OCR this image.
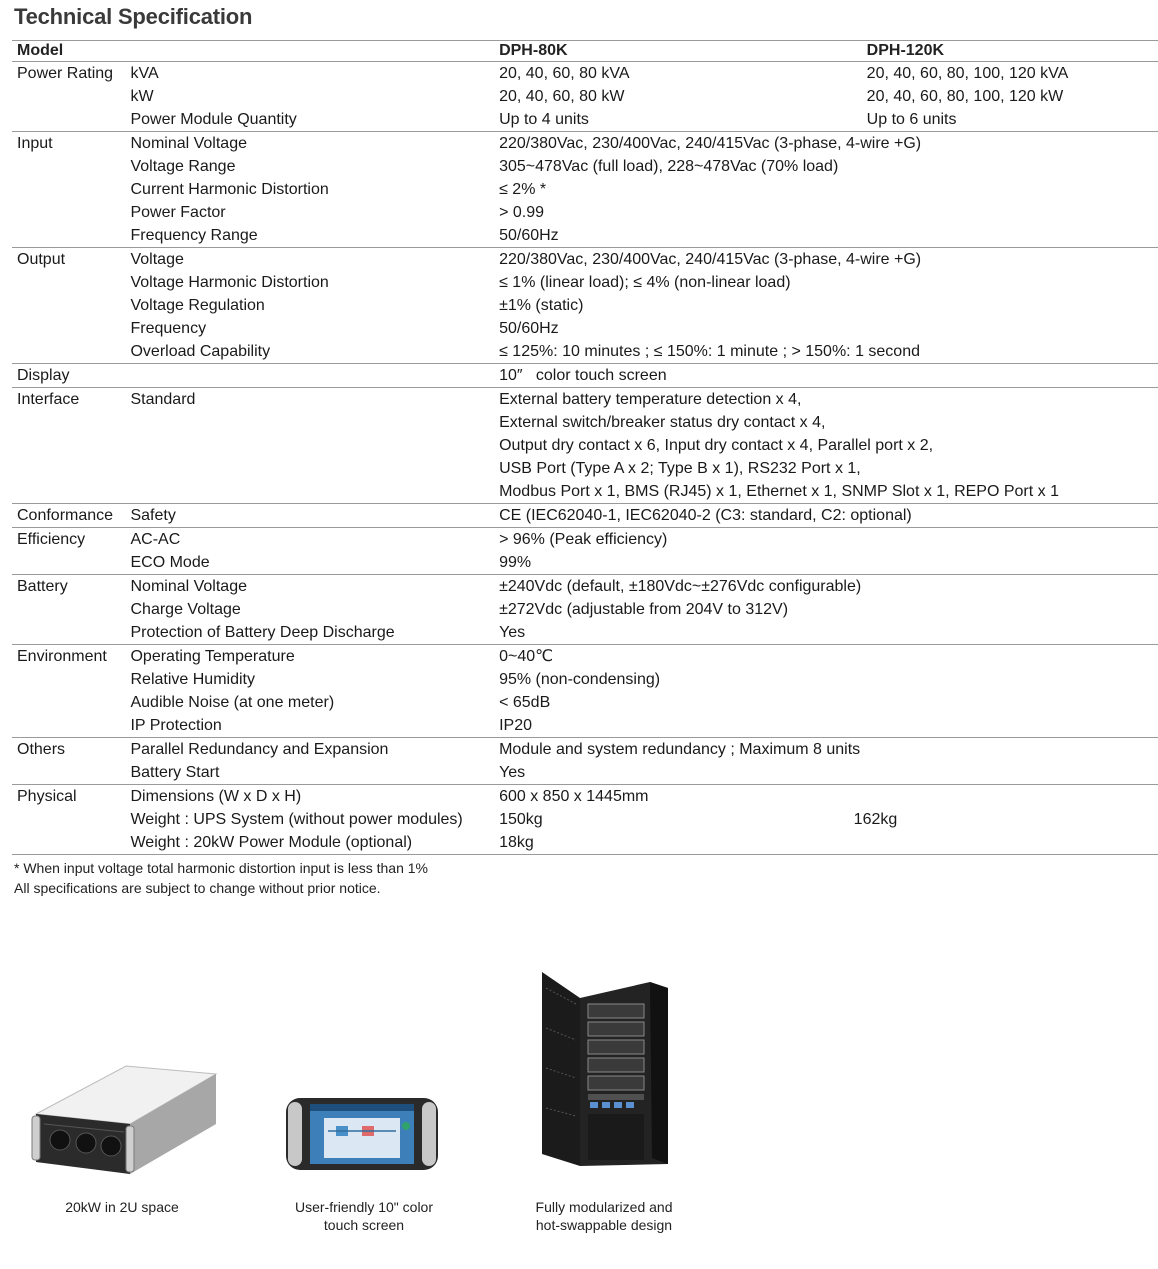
Technical Specification
Model		DPH-80K	DPH-120K
Power Rating	kVA	20, 40, 60, 80 kVA	20, 40, 60, 80, 100, 120 kVA
	kW	20, 40, 60, 80 kW	20, 40, 60, 80, 100, 120 kW
	Power Module Quantity	Up to 4 units	Up to 6 units
Input	Nominal Voltage	220/380Vac, 230/400Vac, 240/415Vac (3-phase, 4-wire +G)
	Voltage Range	305~478Vac (full load), 228~478Vac (70% load)
	Current Harmonic Distortion	≤ 2% *
	Power Factor	> 0.99
	Frequency Range	50/60Hz
Output	Voltage	220/380Vac, 230/400Vac, 240/415Vac (3-phase, 4-wire +G)
	Voltage Harmonic Distortion	≤ 1% (linear load); ≤ 4% (non-linear load)
	Voltage Regulation	±1% (static)
	Frequency	50/60Hz
	Overload Capability	≤ 125%: 10 minutes ; ≤ 150%: 1 minute ; > 150%: 1 second
Display		10″   color touch screen
Interface	Standard	External battery temperature detection x 4,
External switch/breaker status dry contact x 4,
Output dry contact x 6, Input dry contact x 4, Parallel port x 2,
USB Port (Type A x 2; Type B x 1), RS232 Port x 1,
Modbus Port x 1, BMS (RJ45) x 1, Ethernet x 1, SNMP Slot x 1, REPO Port x 1

Conformance	Safety	CE (IEC62040-1, IEC62040-2 (C3: standard, C2: optional)
Efficiency	AC-AC	> 96% (Peak efficiency)
	ECO Mode	99%
Battery	Nominal Voltage	±240Vdc (default, ±180Vdc~±276Vdc configurable)
	Charge Voltage	±272Vdc (adjustable from 204V to 312V)
	Protection of Battery Deep Discharge	Yes
Environment	Operating Temperature	0~40℃
	Relative Humidity	95% (non-condensing)
	Audible Noise (at one meter)	< 65dB
	IP Protection	IP20
Others	Parallel Redundancy and Expansion	Module and system redundancy ; Maximum 8 units
	Battery Start	Yes
Physical	Dimensions (W x D x H)	600 x 850 x 1445mm
	Weight : UPS System (without power modules)	150kg	162kg
	Weight : 20kW Power Module (optional)	18kg
* When input voltage total harmonic distortion input is less than 1%
All specifications are subject to change without prior notice.
20kW in 2U space	User-friendly 10" color
touch screen
Fully modularized and
hot-swappable design
